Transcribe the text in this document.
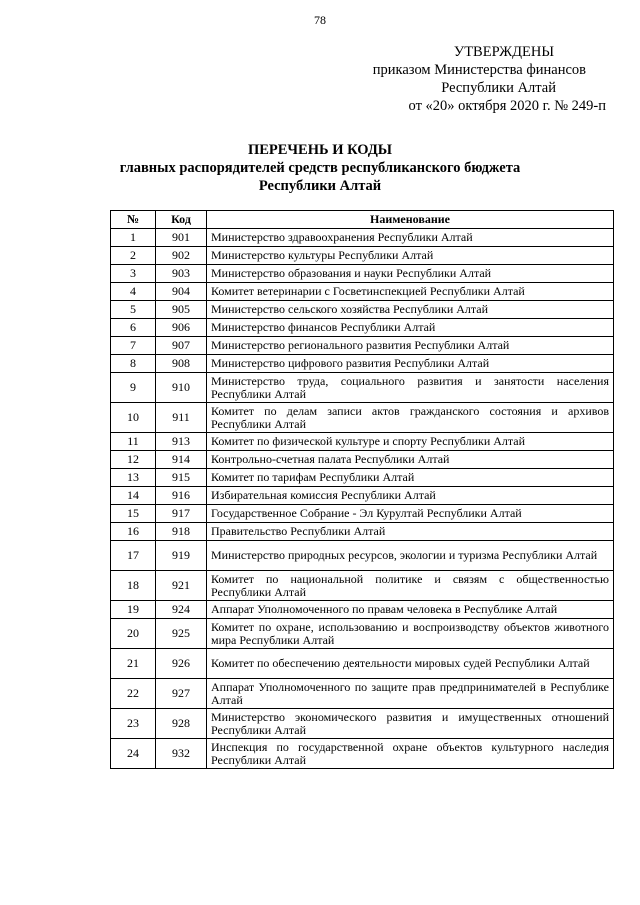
78
УТВЕРЖДЕНЫ
приказом Министерства финансов
Республики Алтай
от «20» октября 2020 г. № 249-п
ПЕРЕЧЕНЬ И КОДЫ
главных распорядителей средств республиканского бюджета
Республики Алтай
№	Код	Наименование
1	901	Министерство здравоохранения Республики Алтай
2	902	Министерство культуры Республики Алтай
3	903	Министерство образования и науки Республики Алтай
4	904	Комитет ветеринарии с Госветинспекцией Республики Алтай
5	905	Министерство сельского хозяйства Республики Алтай
6	906	Министерство финансов Республики Алтай
7	907	Министерство регионального развития Республики Алтай
8	908	Министерство цифрового развития Республики Алтай
9	910	Министерство труда, социального развития и занятости населения Республики Алтай
10	911	Комитет по делам записи актов гражданского состояния и архивов Республики Алтай
11	913	Комитет по физической культуре и спорту Республики Алтай
12	914	Контрольно-счетная палата Республики Алтай
13	915	Комитет по тарифам Республики Алтай
14	916	Избирательная комиссия Республики Алтай
15	917	Государственное Собрание - Эл Курултай Республики Алтай
16	918	Правительство Республики Алтай
17	919	Министерство природных ресурсов, экологии и туризма Республики Алтай
18	921	Комитет по национальной политике и связям с общественностью Республики Алтай
19	924	Аппарат Уполномоченного по правам человека в Республике Алтай
20	925	Комитет по охране, использованию и воспроизводству объектов животного мира Республики Алтай
21	926	Комитет по обеспечению деятельности мировых судей Республики Алтай
22	927	Аппарат Уполномоченного по защите прав предпринимателей в Республике Алтай
23	928	Министерство экономического развития и имущественных отношений Республики Алтай
24	932	Инспекция по государственной охране объектов культурного наследия Республики Алтай
